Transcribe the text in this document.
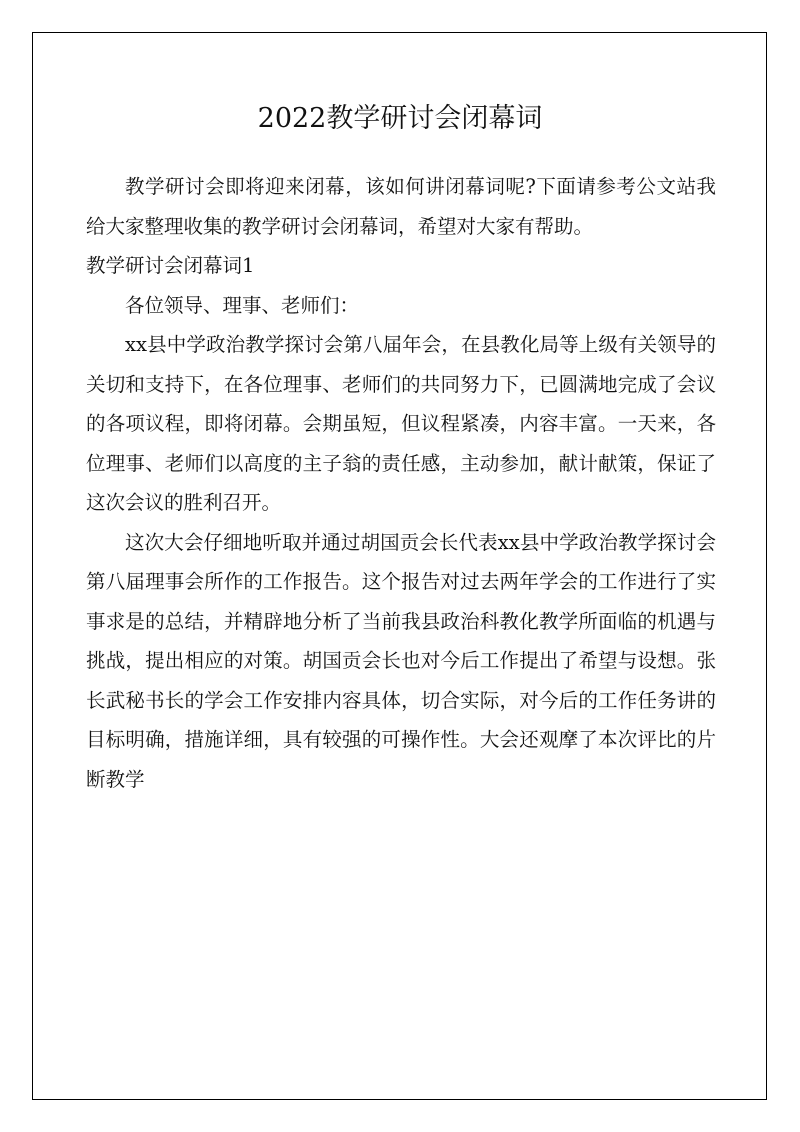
2022教学研讨会闭幕词

教学研讨会即将迎来闭幕，该如何讲闭幕词呢?下面请参考公文站我给大家整理收集的教学研讨会闭幕词，希望对大家有帮助。

教学研讨会闭幕词1

各位领导、理事、老师们：

xx县中学政治教学探讨会第八届年会，在县教化局等上级有关领导的关切和支持下，在各位理事、老师们的共同努力下，已圆满地完成了会议的各项议程，即将闭幕。会期虽短，但议程紧凑，内容丰富。一天来，各位理事、老师们以高度的主子翁的责任感，主动参加，献计献策，保证了这次会议的胜利召开。

这次大会仔细地听取并通过胡国贡会长代表xx县中学政治教学探讨会第八届理事会所作的工作报告。这个报告对过去两年学会的工作进行了实事求是的总结，并精辟地分析了当前我县政治科教化教学所面临的机遇与挑战，提出相应的对策。胡国贡会长也对今后工作提出了希望与设想。张长武秘书长的学会工作安排内容具体，切合实际，对今后的工作任务讲的目标明确，措施详细，具有较强的可操作性。大会还观摩了本次评比的片断教学
